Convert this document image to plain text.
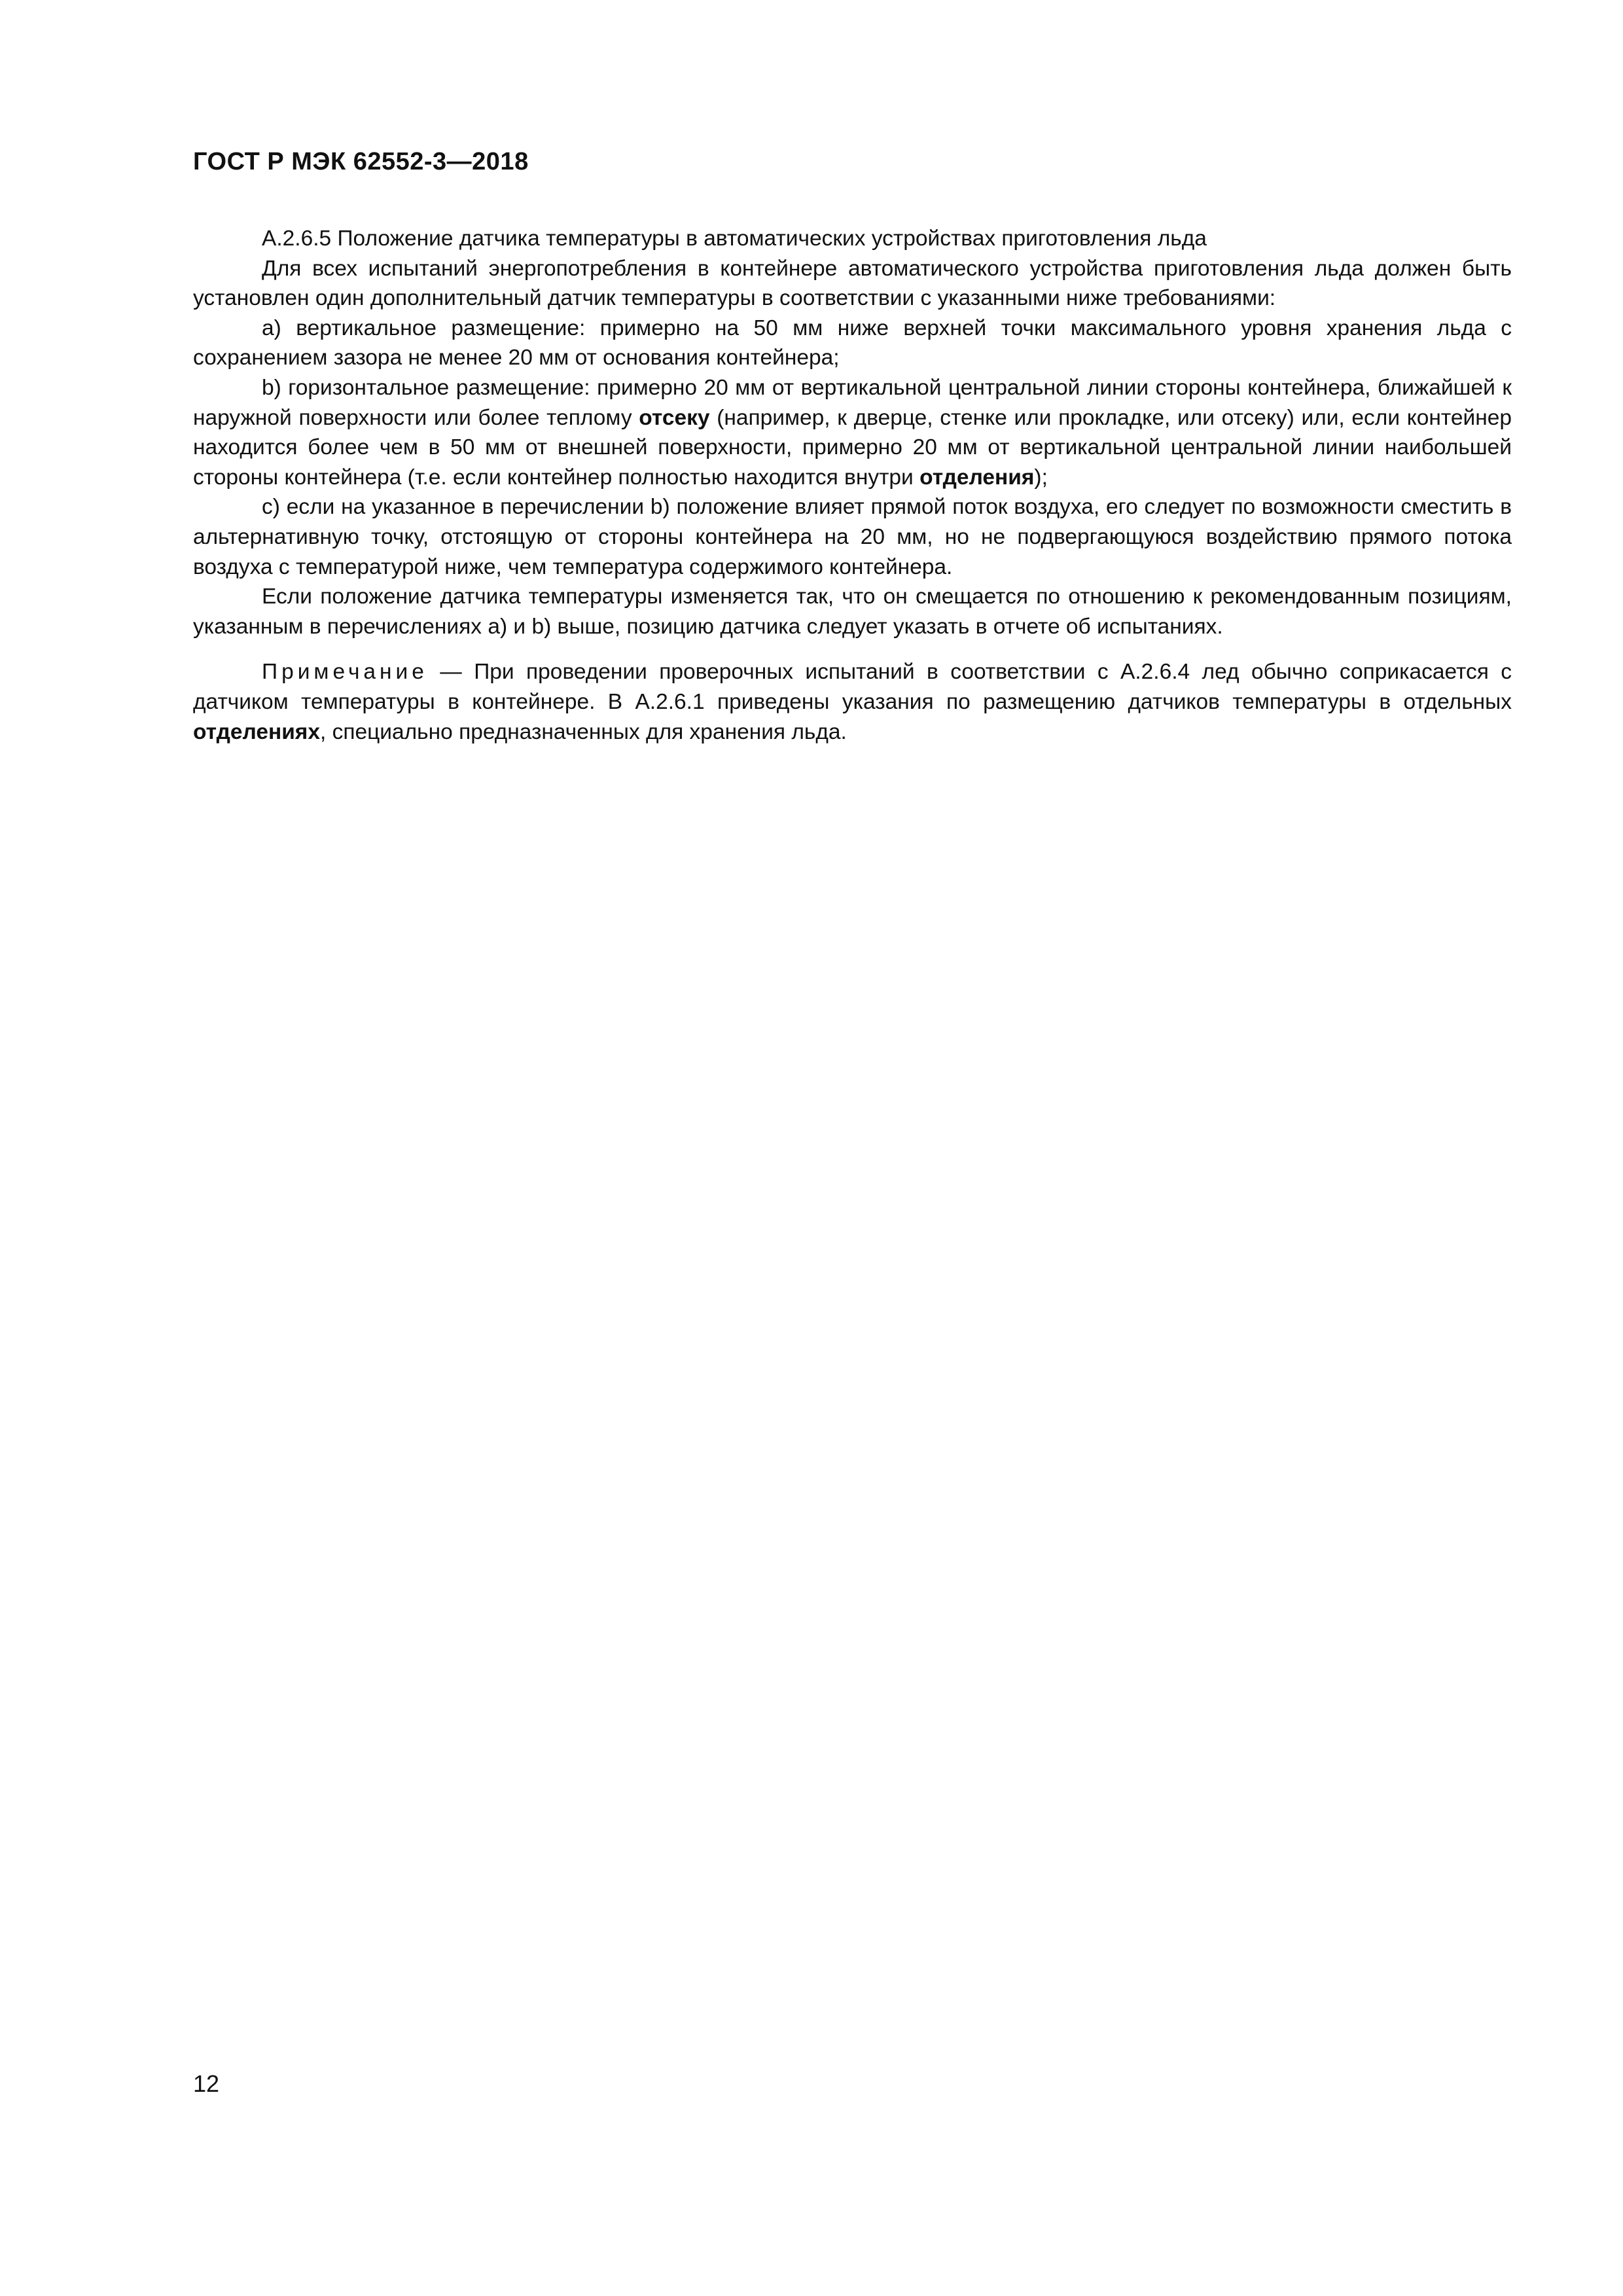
ГОСТ Р МЭК 62552-3—2018

А.2.6.5 Положение датчика температуры в автоматических устройствах приготовления льда

Для всех испытаний энергопотребления в контейнере автоматического устройства приготовления льда должен быть установлен один дополнительный датчик температуры в соответствии с указанными ниже требованиями:

а) вертикальное размещение: примерно на 50 мм ниже верхней точки максимального уровня хранения льда с сохранением зазора не менее 20 мм от основания контейнера;

b) горизонтальное размещение: примерно 20 мм от вертикальной центральной линии стороны контейнера, ближайшей к наружной поверхности или более теплому отсеку (например, к дверце, стенке или прокладке, или отсеку) или, если контейнер находится более чем в 50 мм от внешней поверхности, примерно 20 мм от вертикальной центральной линии наибольшей стороны контейнера (т.е. если контейнер полностью находится внутри отделения);

с) если на указанное в перечислении b) положение влияет прямой поток воздуха, его следует по возможности сместить в альтернативную точку, отстоящую от стороны контейнера на 20 мм, но не подвергающуюся воздействию прямого потока воздуха с температурой ниже, чем температура содержимого контейнера.

Если положение датчика температуры изменяется так, что он смещается по отношению к рекомендованным позициям, указанным в перечислениях а) и b) выше, позицию датчика следует указать в отчете об испытаниях.

Примечание — При проведении проверочных испытаний в соответствии с А.2.6.4 лед обычно соприкасается с датчиком температуры в контейнере. В А.2.6.1 приведены указания по размещению датчиков температуры в отдельных отделениях, специально предназначенных для хранения льда.

12
